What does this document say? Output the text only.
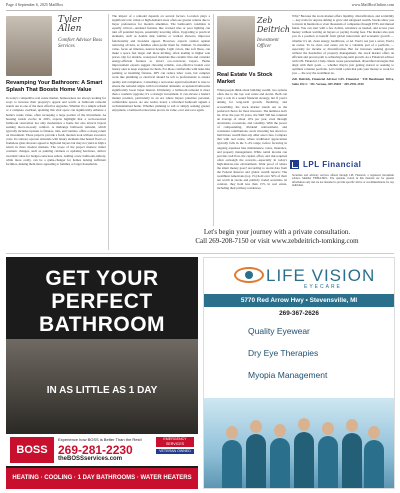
Page 4 September 6, 2025 MailBox	www.MailBoxOnline.com
Tyler
Allen
Comfort Advisor Boss Services
Revamping Your Bathroom: A Smart Splash That Boosts Home Value
In today's competitive real estate market, homeowners are always looking for ways to increase their property's appeal and worth. A bathroom remodel stands out as one of the most effective upgrades. Whether it's a simple refresh or a complete overhaul, updating this vital space can significantly enhance a home's resale value, often recouping a large portion of the investment. As housing trends evolve in 2025, experts highlight that a well-executed bathroom renovation not only modernizes a home but also attracts buyers seeking move-in-ready comfort. A midrange bathroom remodel, which typically includes updates to fixtures, tiles, and vanities, offers a strong return on investment. These projects provide a fresh, modern look without excessive costs. In contrast, upscale remodels with luxury elements like heated floors or frameless glass showers appeal to high-end buyers but may not yield as high a return in more modest markets. The scope of the project matters: minor cosmetic changes, such as painting cabinets or updating hardware, deliver excellent value for budget-conscious sellers. Adding a new bathroom entirely, while more costly, can be a game-changer for homes lacking sufficient facilities, making them more appealing to families or larger households.
The impact of a remodel depends on several factors. Location plays a significant role: urban or high-demand areas often see greater returns due to buyer preferences for modern amenities. The bathroom's condition is equally critical—outdated features like cracked tiles or poor lighting can turn off potential buyers, potentially lowering offers. Upgrading to practical elements, such as double sink vanities or walk-in showers, improves functionality and broadens appeal. However, experts caution against removing all tubs, as families often prefer them for children. To maximize value, focus on timeless, neutral designs. Light colors, like soft blues, can make a space feel larger and more inviting, often leading to higher sale prices. Opt for durable, waterproof materials like ceramic tiles and consider energy-efficient features to attract eco-conscious buyers. Home improvement experts suggest choosing reliable, cost-effective brands over luxury ones to keep expenses in check. For those comfortable with tasks like painting or installing fixtures, DIY can reduce labor costs, but complex work like plumbing or electrical should be left to professionals to ensure quality and compliance. Consulting a real estate agent beforehand is wise to ensure the remodel aligns with local market demands, as updated bathrooms significantly boost buyer interest. Ultimately, a bathroom remodel is more than a cosmetic upgrade; it's a strategic investment. It can elevate a home's market position, particularly in an era where buyers prioritize personal, comfortable spaces. As one realtor noted, a refreshed bathroom signals a well-maintained home. Whether planning to sell or simply seeking greater enjoyment, a bathroom renovation proves its value, over and over again.
Zeb
Deitrich
Investment Officer
Real Estate Vs Stock Market
When people think about building wealth, two options often rise to the top: real estate and stocks. Both can play a role in a sound financial strategy, but if you're aiming for long-term growth, flexibility, and accessibility, the stock market stands out as the preferred choice for most investors. The numbers don't lie. Over the past 50 years, the S&P 500 has returned an average of about 10% per year, even through downturns, recessions, and volatility. With the power of compounding, dividend reinvestment, and consistent contributions, stock investing has shown to build more wealth than any other asset class. Compare that with real estate, where traditional appreciation typically falls in the 3–4% range, before factoring in ongoing expenses like maintenance, taxes, insurance, and property management. While rental income can provide cash flow, the capital, effort, and risk required often outweigh the rewards—especially in today's high-interest-rate environment. Want proof of where the smart money goes? According to recent data from the Federal Reserve and global wealth reports: The wealthiest Americans (top 1%) hold over 50% of their net worth in stocks and publicly traded securities. In contrast, they hold less than 15% in real estate, including their primary residences.
Why? Because the stock market offers liquidity, diversification, and scalability — key traits for anyone aiming to grow and safeguard wealth. Stocks allow you to invest in hundreds or even thousands of companies through ETFs and mutual funds. You can start with a few dollars, rebalance as needed, and access your money without waiting on buyers or paying closing fees. The market also puts you in a position to benefit from global innovation and economic growth — whether it's AI, clean energy, healthcare, or AI. You're not just a saver, You're an owner. To be clear, real estate can be a valuable part of a portfolio — especially for income or diversification. But for investors seeking growth without the headaches of property management, the stock market offers an efficient and proven path to achieving long-term growth. As a Financial advisor with LPL Financial, I help clients create personalized, diversified strategies that align with their goals — whether they're just getting started or seeking to optimize a mature portfolio. Let's build a plan that puts your money to work for you — the way the wealthiest do.
Zeb Deitrich, Financial Advisor LPL Financial · 930 Beechmont Drive, Suite 102-C · Mt. Vernon, OH 45001 · 269-2992-2100
LPL Financial
Securities and advisory services offered through LPL Financial, a registered investment advisor. Member FINRA/SIPC. The opinions voiced in this material are for general information only and are not intended to provide specific advice or recommendations for any individual.
Let's begin your journey with a private consultation.
Call 269-208-7150 or visit www.zebdeitrich-tomking.com
GET YOUR PERFECT BATHROOM
IN AS LITTLE AS 1 DAY
BOSS
Experience how BOSS is Better Than the Rest!
269-281-2230
theBOSSservices.com
EMERGENCY SERVICES
VETERAN OWNED
HEATING · COOLING · 1 DAY BATHROOMS · WATER HEATERS
LIFE VISION
EYECARE
5770 Red Arrow Hwy • Stevensville, MI
269-367-2626
Quality Eyewear
Dry Eye Therapies
Myopia Management
